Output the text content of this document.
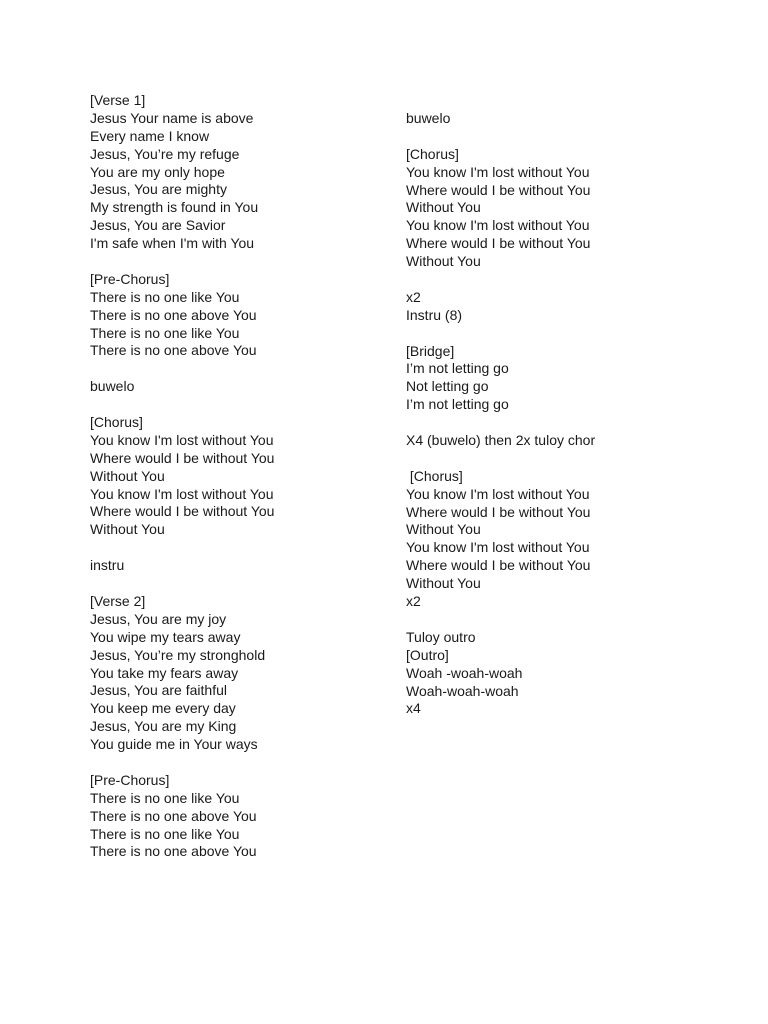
[Verse 1]
Jesus Your name is above
Every name I know
Jesus, You’re my refuge
You are my only hope
Jesus, You are mighty
My strength is found in You
Jesus, You are Savior
I'm safe when I'm with You
[Pre-Chorus]
There is no one like You
There is no one above You
There is no one like You
There is no one above You
buwelo
[Chorus]
You know I'm lost without You
Where would I be without You
Without You
You know I'm lost without You
Where would I be without You
Without You
instru
[Verse 2]
Jesus, You are my joy
You wipe my tears away
Jesus, You’re my stronghold
You take my fears away
Jesus, You are faithful
You keep me every day
Jesus, You are my King
You guide me in Your ways
[Pre-Chorus]
There is no one like You
There is no one above You
There is no one like You
There is no one above You
buwelo
[Chorus]
You know I'm lost without You
Where would I be without You
Without You
You know I'm lost without You
Where would I be without You
Without You
x2
Instru (8)
[Bridge]
I’m not letting go
Not letting go
I’m not letting go
X4 (buwelo) then 2x tuloy chor
[Chorus]
You know I'm lost without You
Where would I be without You
Without You
You know I'm lost without You
Where would I be without You
Without You
x2
Tuloy outro
[Outro]
Woah -woah-woah
Woah-woah-woah
x4
